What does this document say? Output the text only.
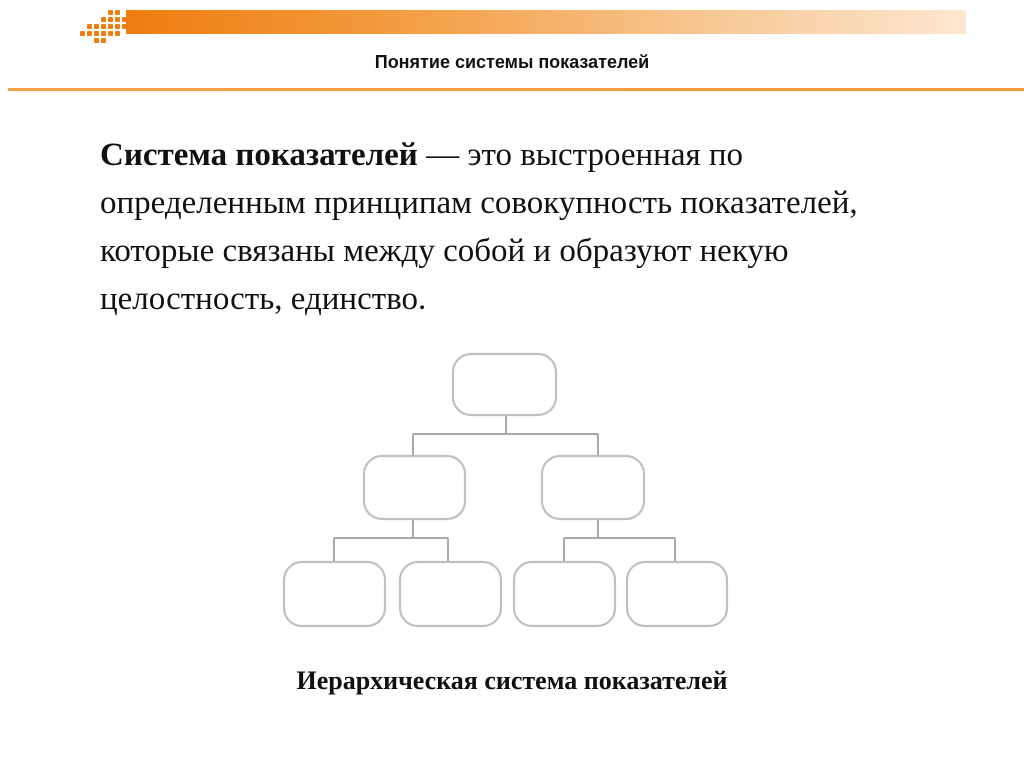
Понятие системы показателей
Система показателей — это выстроенная по определенным принципам совокупность показателей, которые связаны между собой и образуют некую целостность, единство.
Иерархическая система показателей
